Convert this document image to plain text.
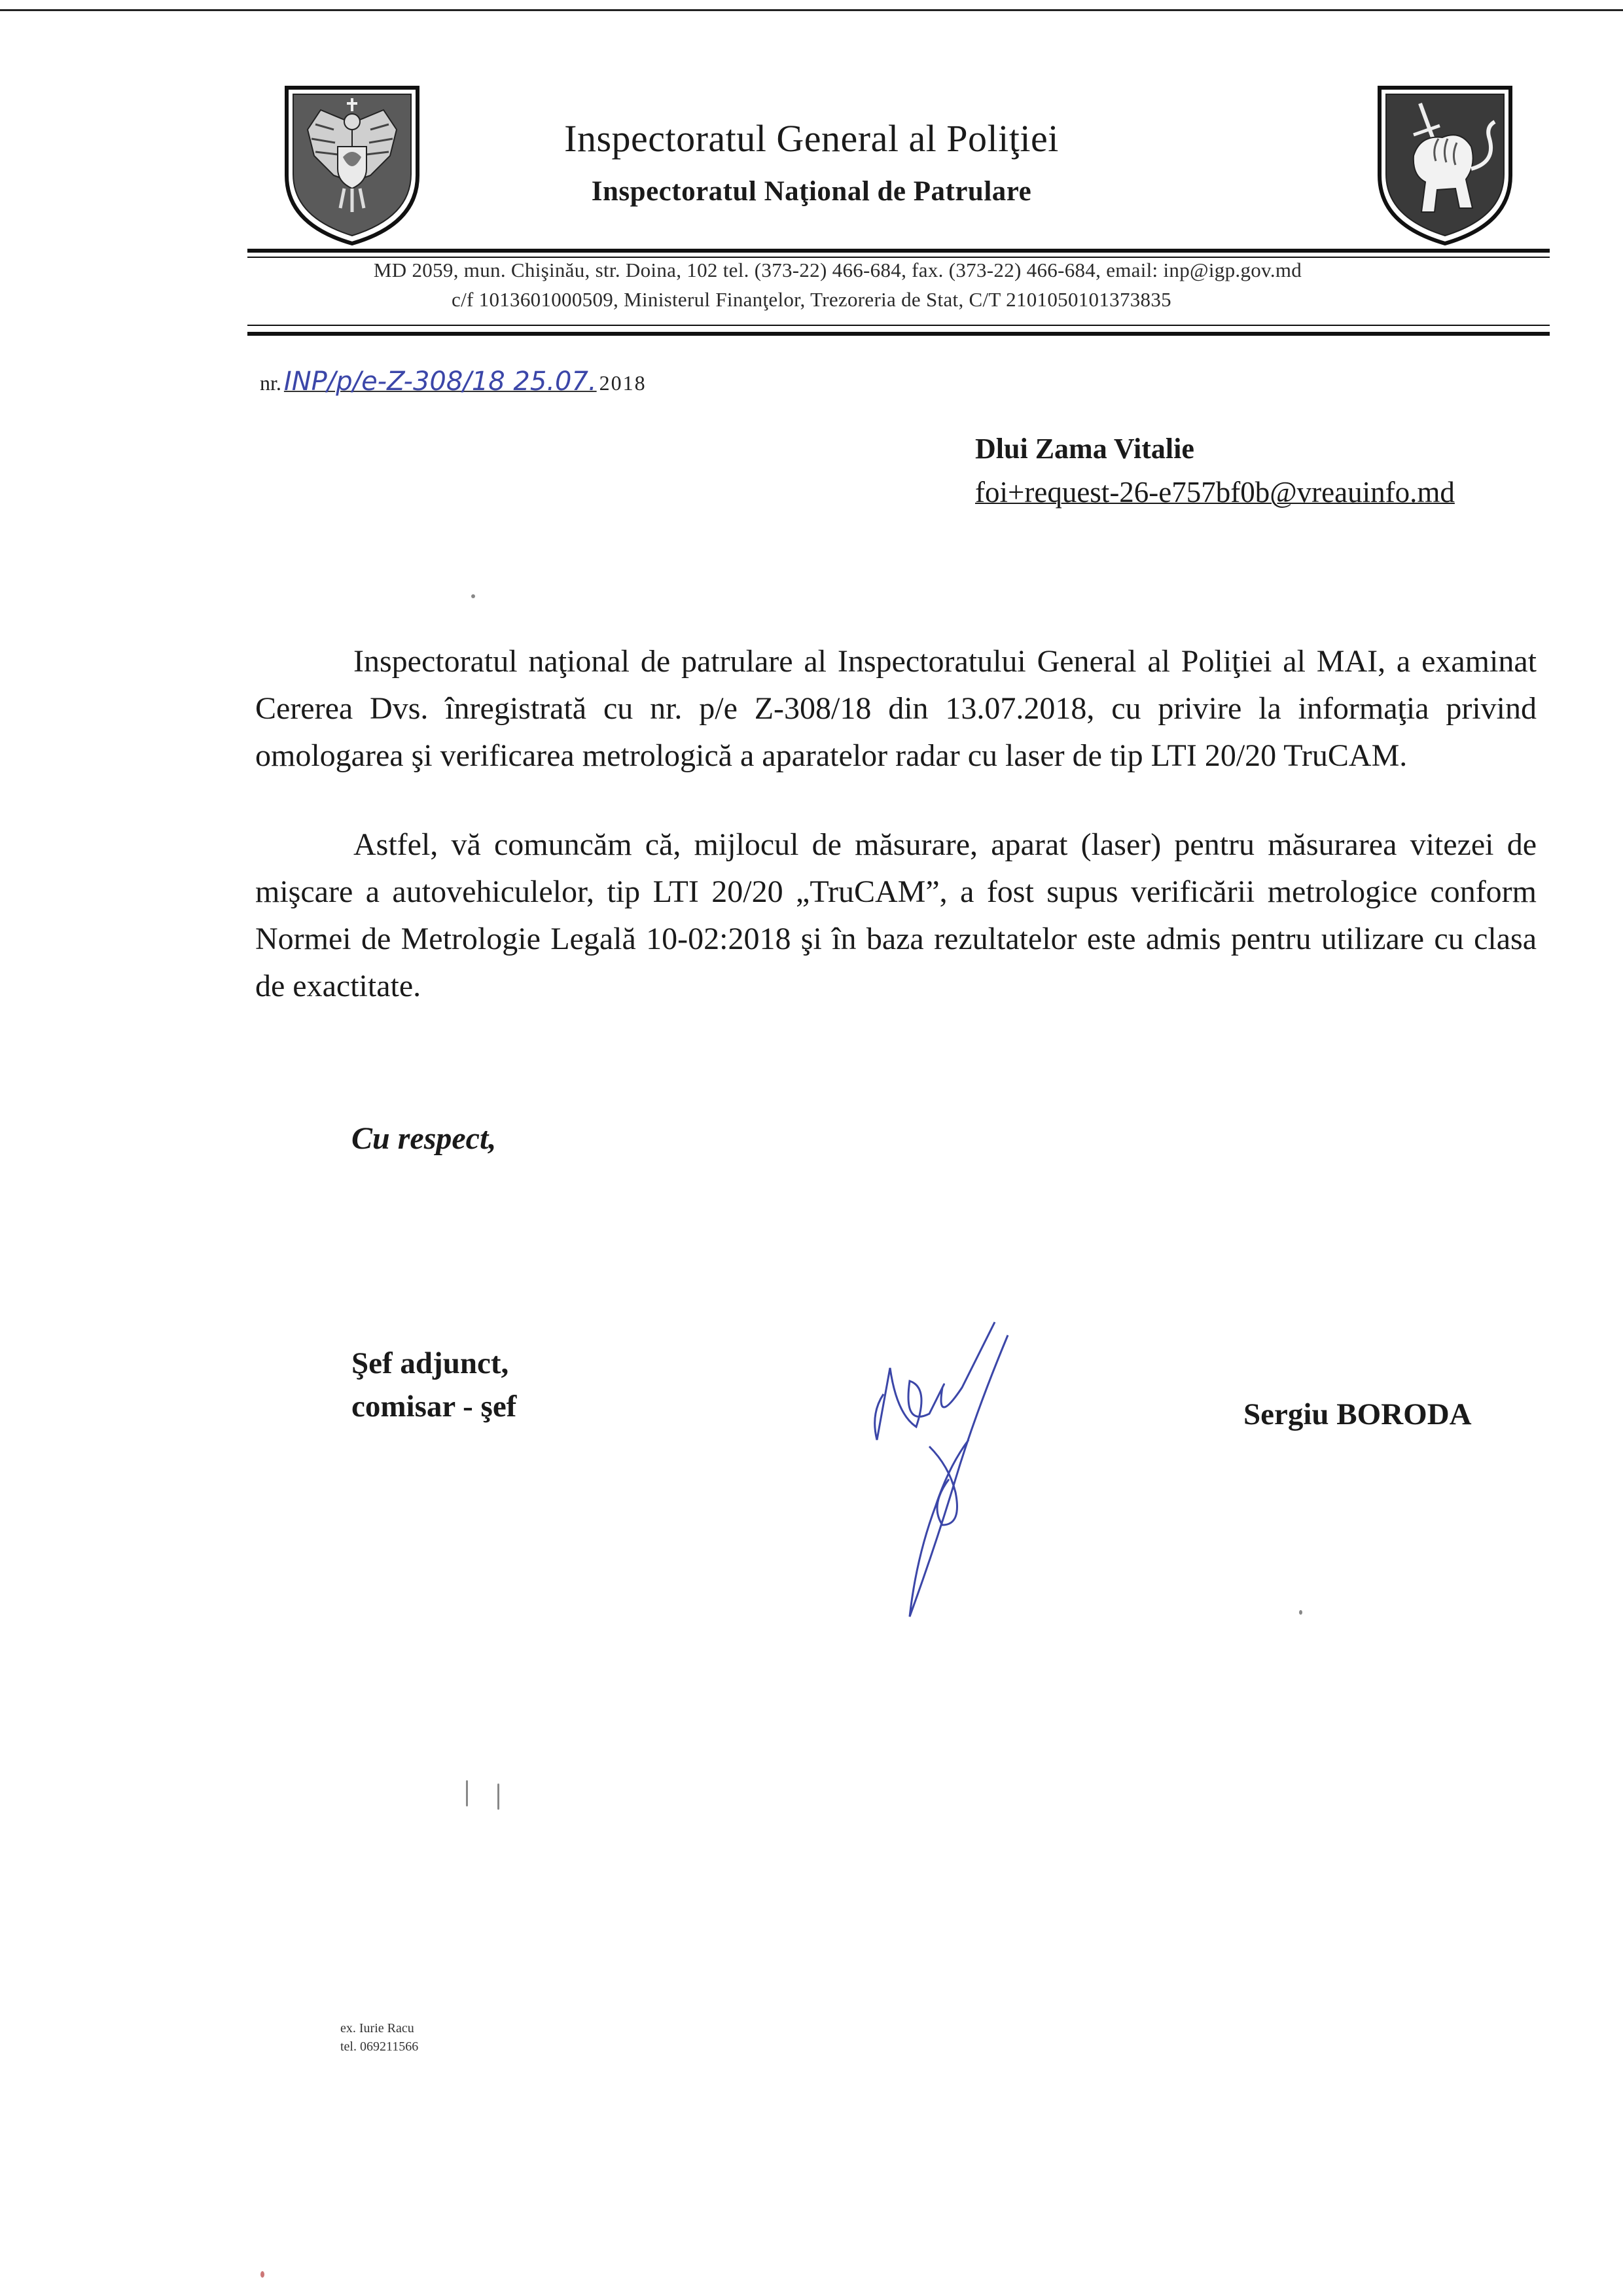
Inspectoratul General al Poliţiei
Inspectoratul Naţional de Patrulare
MD 2059, mun. Chişinău, str. Doina, 102 tel. (373-22) 466-684, fax. (373-22) 466-684, email: inp@igp.gov.md
c/f 1013601000509, Ministerul Finanţelor, Trezoreria de Stat, C/T 2101050101373835
nr. INP/p/e-Z-308/18 25.07. 2018
Dlui Zama Vitalie
foi+request-26-e757bf0b@vreauinfo.md
Inspectoratul naţional de patrulare al Inspectoratului General al Poliţiei al MAI, a examinat Cererea Dvs. înregistrată cu nr. p/e Z-308/18 din 13.07.2018, cu privire la informaţia privind omologarea şi verificarea metrologică a aparatelor radar cu laser de tip LTI 20/20 TruCAM.
Astfel, vă comuncăm că, mijlocul de măsurare, aparat (laser) pentru măsurarea vitezei de mişcare a autovehiculelor, tip LTI 20/20 „TruCAM”, a fost supus verificării metrologice conform Normei de Metrologie Legală 10-02:2018 şi în baza rezultatelor este admis pentru utilizare cu clasa de exactitate.
Cu respect,
Şef adjunct,
comisar - şef	Sergiu BORODA
ex. Iurie Racu
tel. 069211566
